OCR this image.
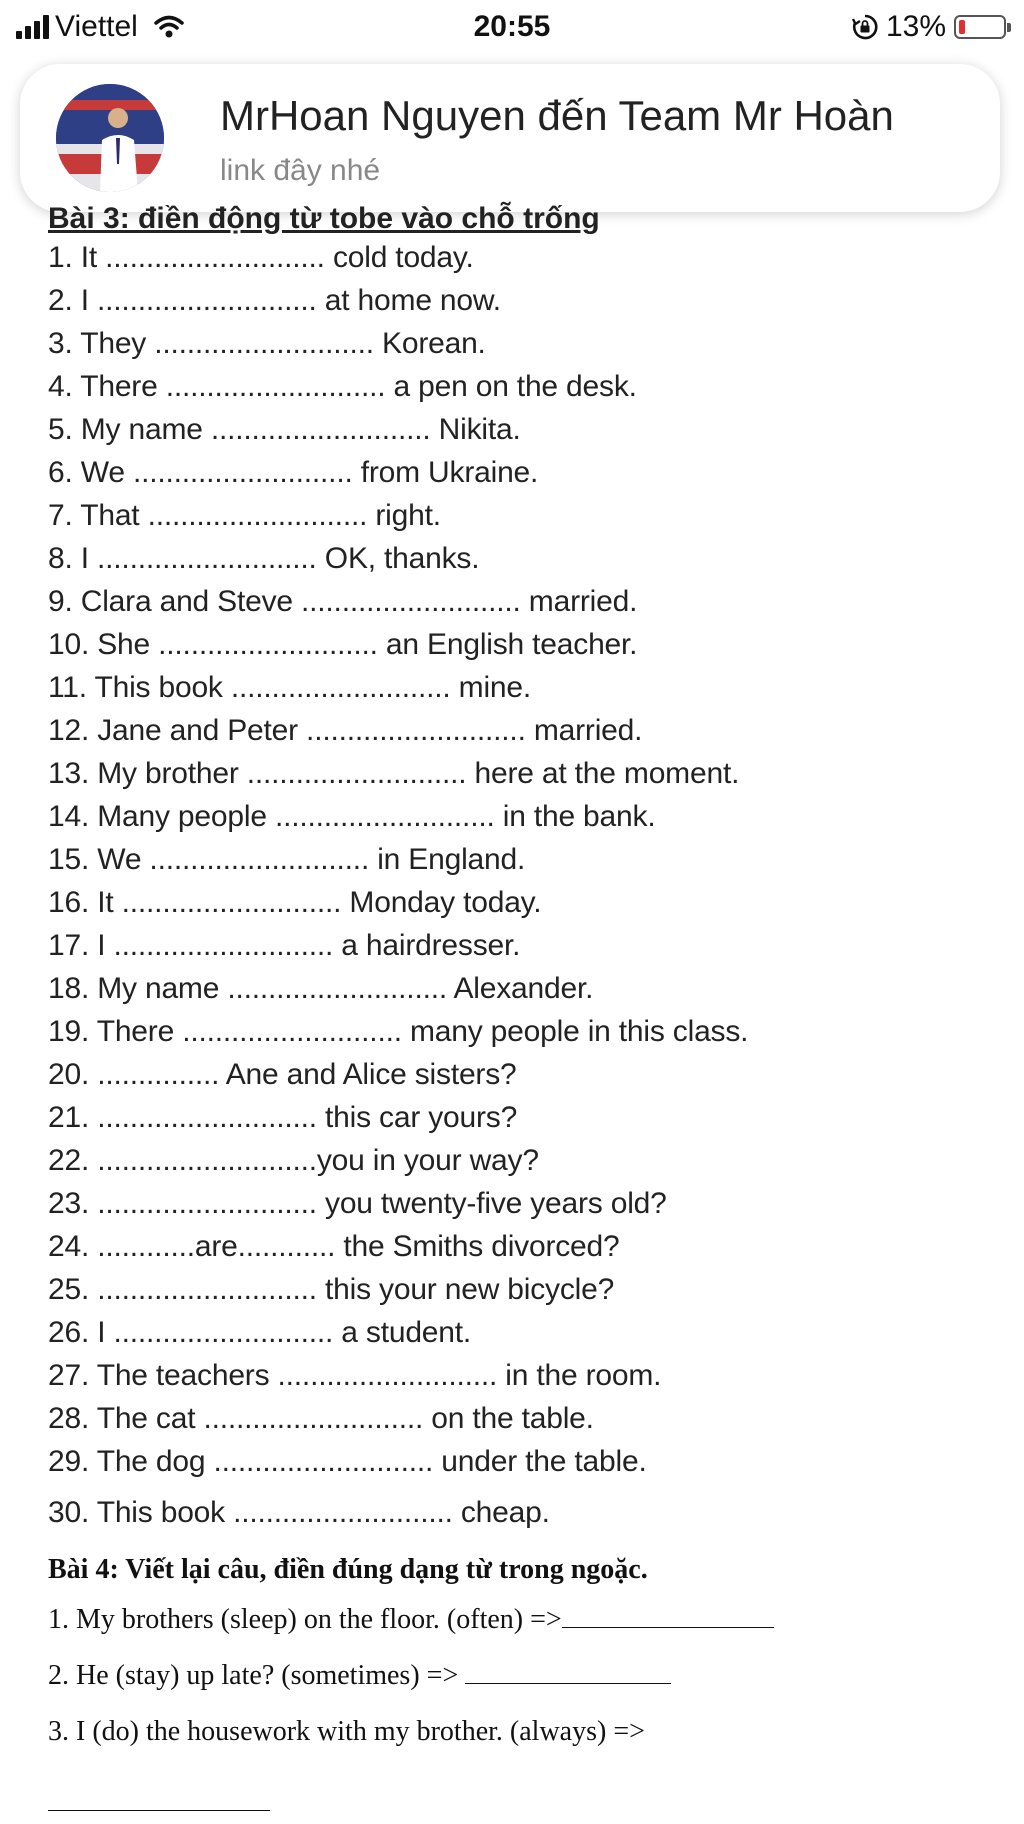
Viettel	20:55	13%
MrHoan Nguyen đến Team Mr Hoàn
link đây nhé
Bài 3: điền động từ tobe vào chỗ trống
1. It ........................... cold today.
2. I ........................... at home now.
3. They ........................... Korean.
4. There ........................... a pen on the desk.
5. My name ........................... Nikita.
6. We ........................... from Ukraine.
7. That ........................... right.
8. I ........................... OK, thanks.
9. Clara and Steve ........................... married.
10. She ........................... an English teacher.
11. This book ........................... mine.
12. Jane and Peter ........................... married.
13. My brother ........................... here at the moment.
14. Many people ........................... in the bank.
15. We ........................... in England.
16. It ........................... Monday today.
17. I ........................... a hairdresser.
18. My name ........................... Alexander.
19. There ........................... many people in this class.
20. ............... Ane and Alice sisters?
21. ........................... this car yours?
22. ...........................you in your way?
23. ........................... you twenty-five years old?
24. ............are............ the Smiths divorced?
25. ........................... this your new bicycle?
26. I ........................... a student.
27. The teachers ........................... in the room.
28. The cat ........................... on the table.
29. The dog ........................... under the table.
30. This book ........................... cheap.
Bài 4: Viết lại câu, điền đúng dạng từ trong ngoặc.
1. My brothers (sleep) on the floor. (often) =>
2. He (stay) up late? (sometimes) =>
3. I (do) the housework with my brother. (always) =>
